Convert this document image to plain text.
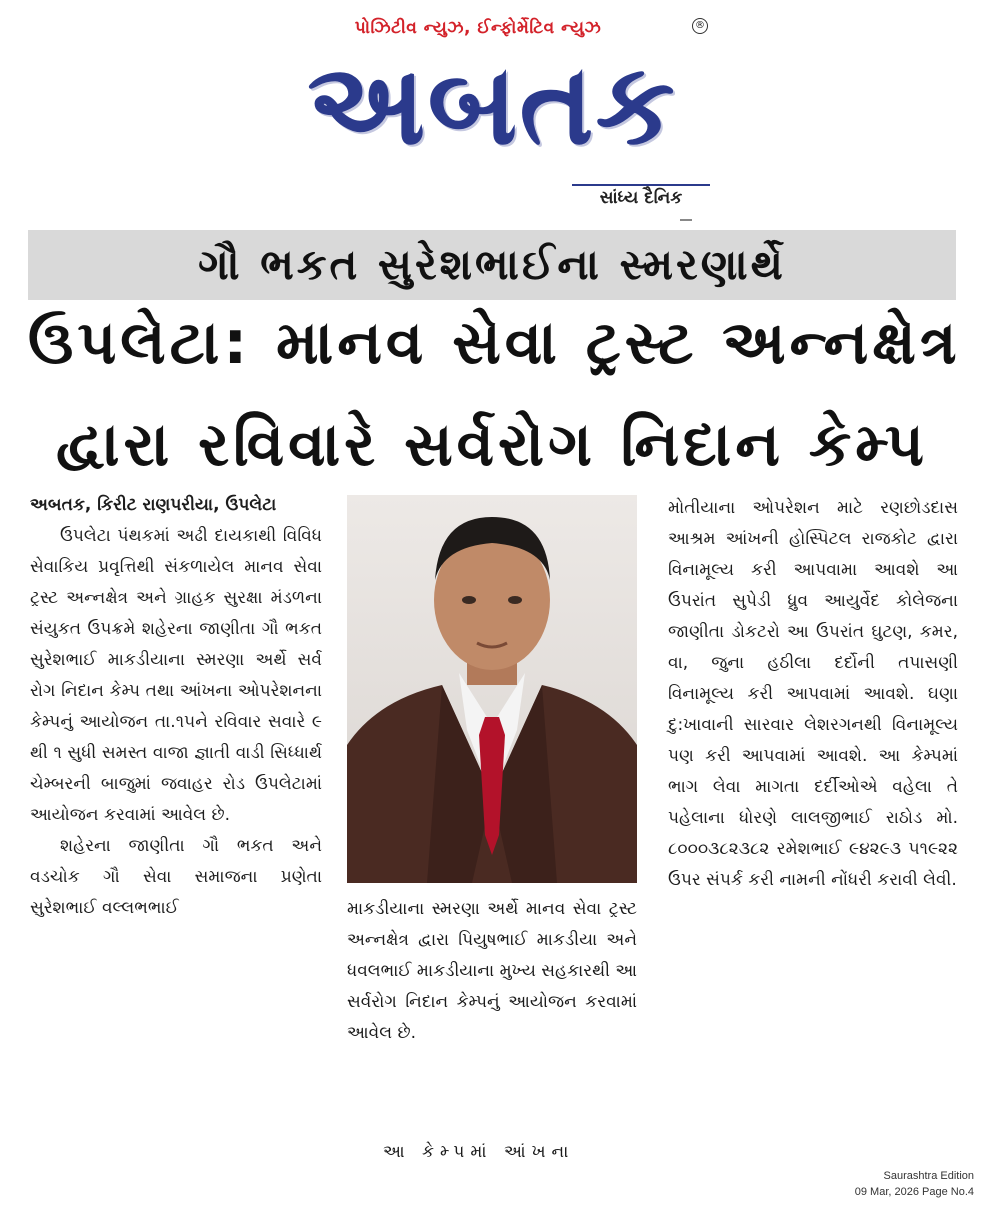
પોઝિટીવ ન્યુઝ, ઈન્ફોર્મેટિવ ન્યુઝ	®
અબતક
સાંધ્ય દૈનિક
ગૌ ભકત સુરેશભાઈના સ્મરણાર્થે
ઉપલેટા: માનવ સેવા ટ્રસ્ટ અન્નક્ષેત્ર
દ્વારા રવિવારે સર્વરોગ નિદાન કેમ્પ

અબતક, કિરીટ રાણપરીયા, ઉપલેટા

ઉપલેટા પંથકમાં અઢી દાયકાથી વિવિધ સેવાકિય પ્રવૃત્તિથી સંકળાયેલ માનવ સેવા ટ્રસ્ટ અન્નક્ષેત્ર અને ગ્રાહક સુરક્ષા મંડળના સંયુકત ઉપક્રમે શહેરના જાણીતા ગૌ ભકત સુરેશભાઈ માકડીયાના સ્મરણા અર્થે સર્વ રોગ નિદાન કેમ્પ તથા આંખના ઓપરેશનના કેમ્પનું આયોજન તા.૧૫ને રવિવાર સવારે ૯ થી ૧ સુધી સમસ્ત વાજા જ્ઞાતી વાડી સિધ્ધાર્થ ચેમ્બરની બાજુમાં જવાહર રોડ ઉપલેટામાં આયોજન કરવામાં આવેલ છે.

શહેરના જાણીતા ગૌ ભકત અને વડચોક ગૌ સેવા સમાજના પ્રણેતા સુરેશભાઈ વલ્લભભાઈ	માકડીયાના સ્મરણા અર્થે માનવ સેવા ટ્રસ્ટ અન્નક્ષેત્ર દ્વારા પિયુષભાઈ માકડીયા અને ધવલભાઈ માકડીયાના મુખ્ય સહકારથી આ સર્વરોગ નિદાન કેમ્પનું આયોજન કરવામાં આવેલ છે.
આ કેમ્પમાં આંખના

મોતીયાના ઓપરેશન માટે રણછોડદાસ આશ્રમ આંખની હોસ્પિટલ રાજકોટ દ્વારા વિનામૂલ્ય કરી આપવામા આવશે આ ઉપરાંત સુપેડી ધ્રુવ આયુર્વેદ કોલેજના જાણીતા ડોકટરો આ ઉપરાંત ઘુટણ, કમર, વા, જુના હઠીલા દર્દોની તપાસણી વિનામૂલ્ય કરી આપવામાં આવશે. ઘણા દુ:ખાવાની સારવાર લેશરગનથી વિનામૂલ્ય પણ કરી આપવામાં આવશે. આ કેમ્પમાં ભાગ લેવા માગતા દર્દીઓએ વહેલા તે પહેલાના ધોરણે લાલજીભાઈ રાઠોડ મો. ૮૦૦૦૩૮૨૩૮૨ રમેશભાઈ ૯૪૨૯૩ ૫૧૯૨૨ ઉપર સંપર્ક કરી નામની નોંધરી કરાવી લેવી.

Saurashtra Edition
09 Mar, 2026 Page No.4
